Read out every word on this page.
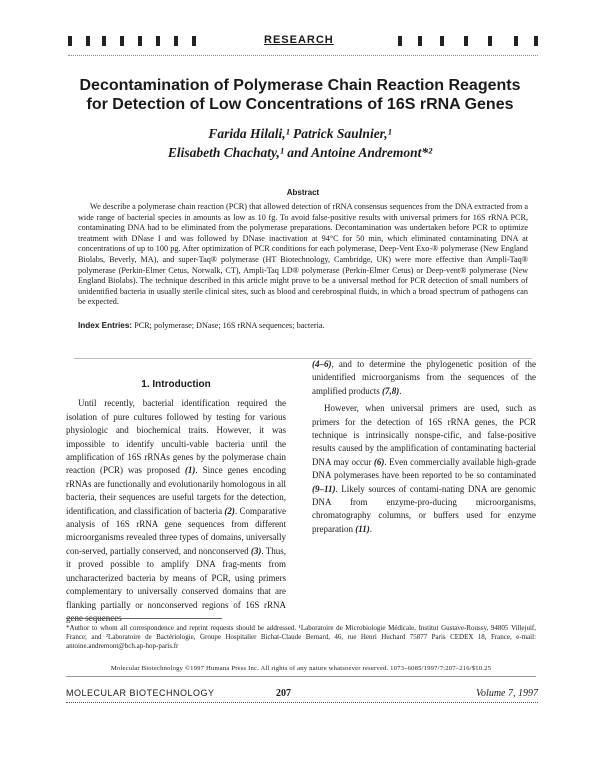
RESEARCH
Decontamination of Polymerase Chain Reaction Reagents
for Detection of Low Concentrations of 16S rRNA Genes
Farida Hilali,¹ Patrick Saulnier,¹
Elisabeth Chachaty,¹ and Antoine Andremont*²
Abstract
We describe a polymerase chain reaction (PCR) that allowed detection of rRNA consensus sequences from the DNA extracted from a wide range of bacterial species in amounts as low as 10 fg. To avoid false-positive results with universal primers for 16S rRNA PCR, contaminating DNA had to be eliminated from the polymerase preparations. Decontamination was undertaken before PCR to optimize treatment with DNase I and was followed by DNase inactivation at 94°C for 50 min, which eliminated contaminating DNA at concentrations of up to 100 pg. After optimization of PCR conditions for each polymerase, Deep-Vent Exo-® polymerase (New England Biolabs, Beverly, MA), and super-Taq® polymerase (HT Biotechnology, Cambridge, UK) were more effective than Ampli-Taq® polymerase (Perkin-Elmer Cetus, Norwalk, CT), Ampli-Taq LD® polymerase (Perkin-Elmer Cetus) or Deep-vent® polymerase (New England Biolabs). The technique described in this article might prove to be a universal method for PCR detection of small numbers of unidentified bacteria in usually sterile clinical sites, such as blood and cerebrospinal fluids, in which a broad spectrum of pathogens can be expected.
Index Entries: PCR; polymerase; DNase; 16S rRNA sequences; bacteria.
1. Introduction

Until recently, bacterial identification required the isolation of pure cultures followed by testing for various physiologic and biochemical traits. However, it was impossible to identify unculti-vable bacteria until the amplification of 16S rRNAs genes by the polymerase chain reaction (PCR) was proposed (1). Since genes encoding rRNAs are functionally and evolutionarily homologous in all bacteria, their sequences are useful targets for the detection, identification, and classification of bacteria (2). Comparative analysis of 16S rRNA gene sequences from different microorganisms revealed three types of domains, universally con-served, partially conserved, and nonconserved (3). Thus, it proved possible to amplify DNA frag-ments from uncharacterized bacteria by means of PCR, using primers complementary to universally conserved domains that are flanking partially or nonconserved regions of 16S rRNA gene sequences

(4–6), and to determine the phylogenetic position of the unidentified microorganisms from the sequences of the amplified products (7,8).

However, when universal primers are used, such as primers for the detection of 16S rRNA genes, the PCR technique is intrinsically nonspe-cific, and false-positive results caused by the amplification of contaminating bacterial DNA may occur (6). Even commercially available high-grade DNA polymerases have been reported to be so contaminated (9–11). Likely sources of contami-nating DNA are genomic DNA from enzyme-pro-ducing microorganisms, chromatography columns, or buffers used for enzyme preparation (11).

*Author to whom all correspondence and reprint requests should be addressed. ¹Laboratoire de Microbiologie Médicale, Institut Gustave-Roussy, 94805 Villejuif, France; and ²Laboratoire de Bactériologie, Groupe Hospitalier Bichat-Claude Bernard, 46, rue Henri Huchard 75877 Paris CEDEX 18, France, e-mail: antoine.andremont@bch.ap-hop-paris.fr
Molecular Biotechnology ©1997 Humana Press Inc. All rights of any nature whatsoever reserved. 1073–6085/1997/7:207–216/$10.25
MOLECULAR BIOTECHNOLOGY	207	Volume 7, 1997
